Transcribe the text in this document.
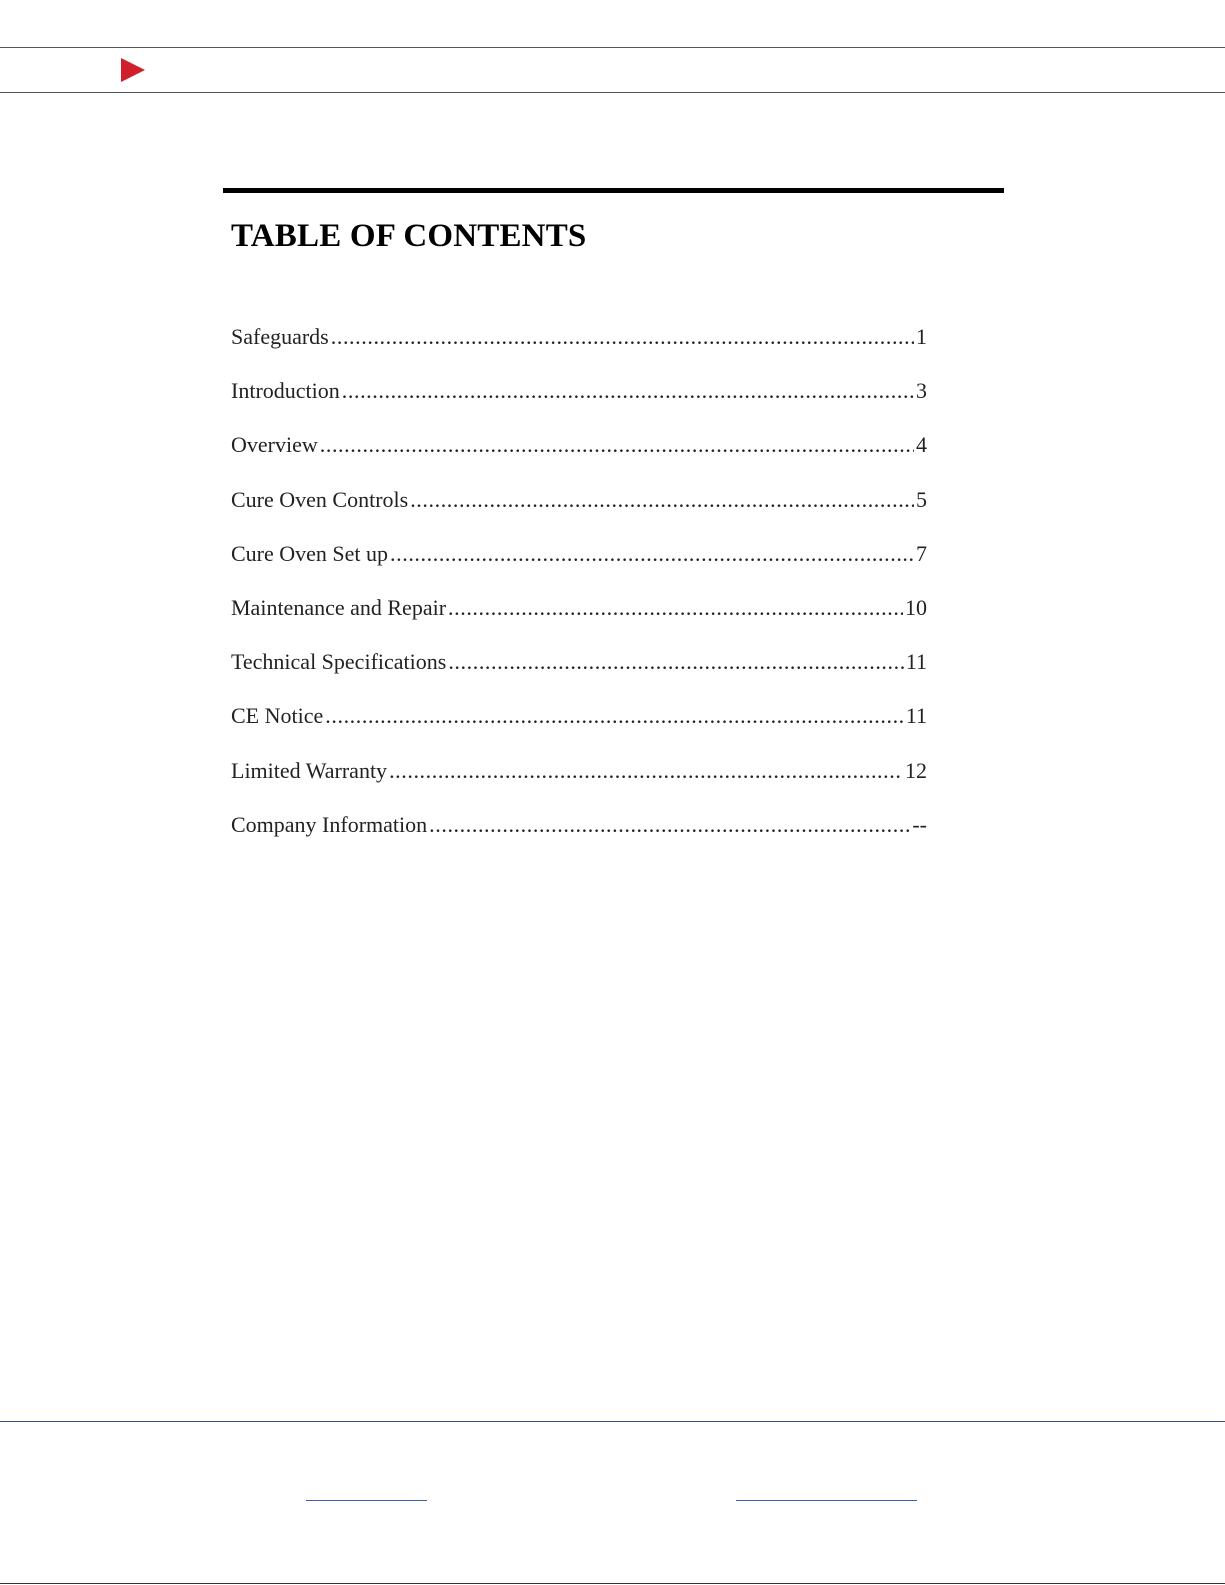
TABLE OF CONTENTS
Safeguards .....	1
Introduction .....	3
Overview .....	4
Cure Oven Controls .....	5
Cure Oven Set up .....	7
Maintenance and Repair .....	10
Technical Specifications .....	11
CE Notice .....	11
Limited Warranty .....	12
Company Information .....	--
